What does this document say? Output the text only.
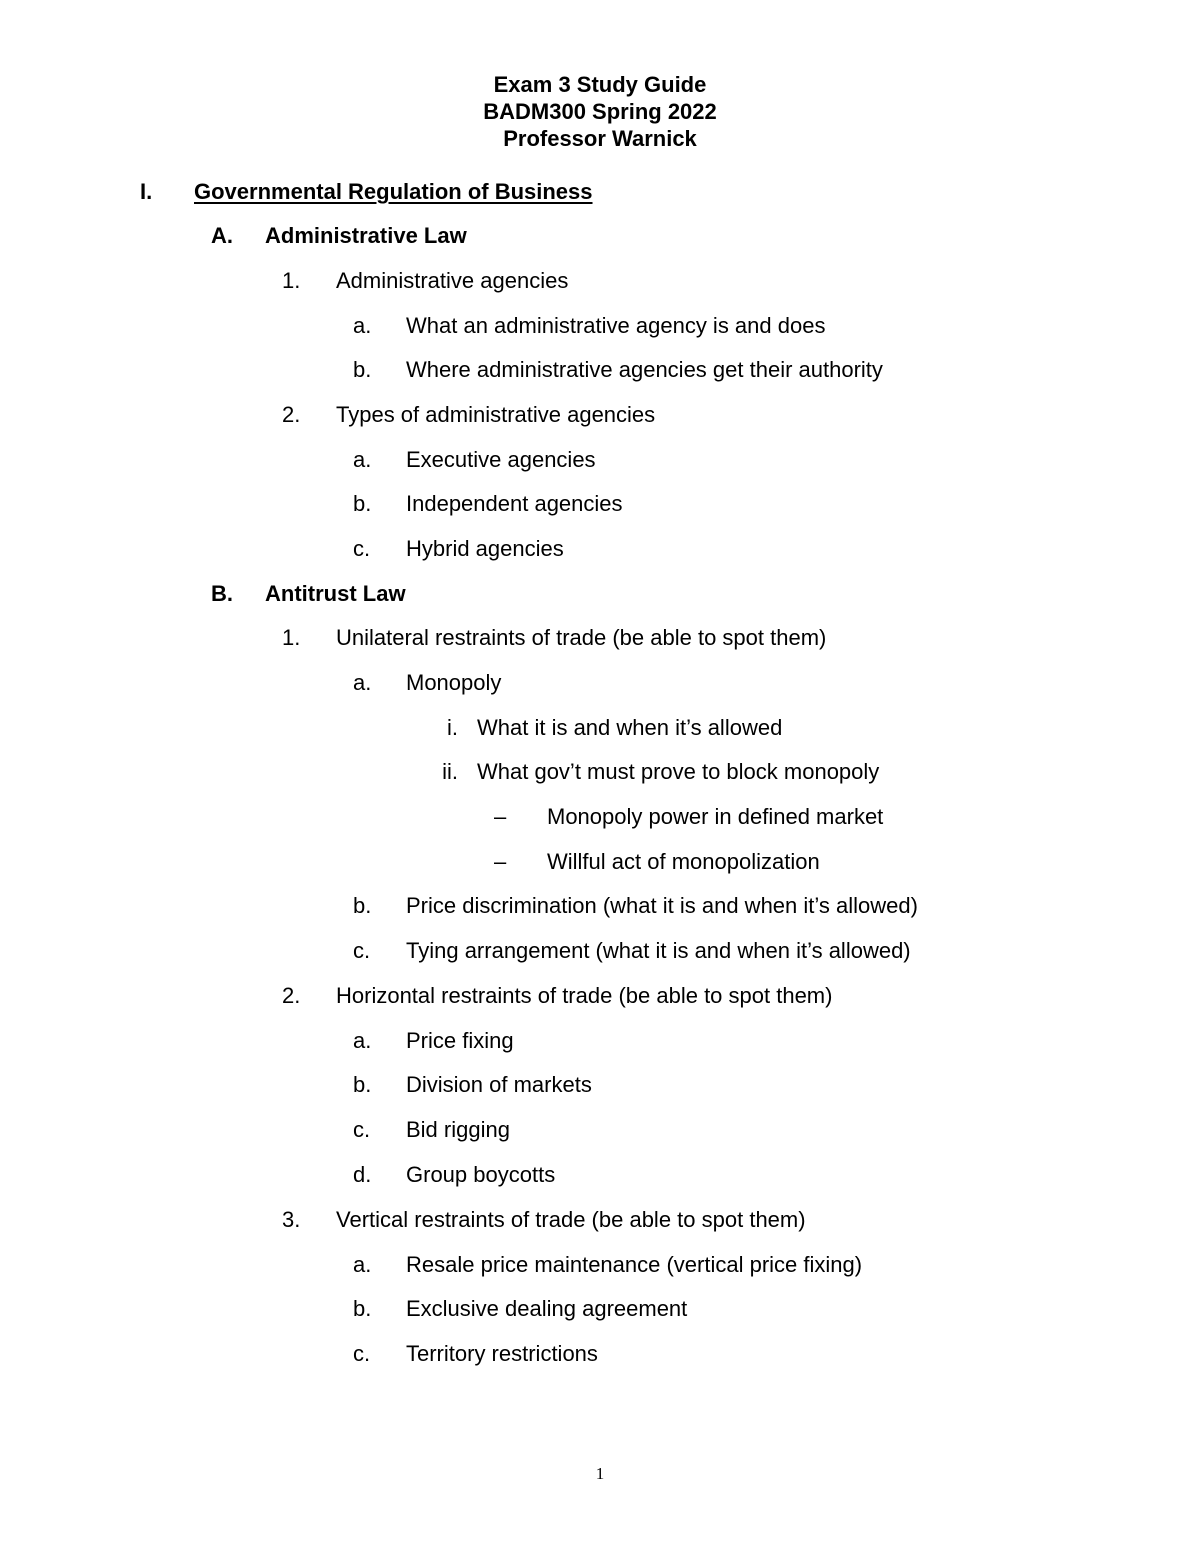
Exam 3 Study Guide
BADM300 Spring 2022
Professor Warnick
I. Governmental Regulation of Business
A. Administrative Law
1. Administrative agencies
a. What an administrative agency is and does
b. Where administrative agencies get their authority
2. Types of administrative agencies
a. Executive agencies
b. Independent agencies
c. Hybrid agencies
B. Antitrust Law
1. Unilateral restraints of trade (be able to spot them)
a. Monopoly
i. What it is and when it’s allowed
ii. What gov’t must prove to block monopoly
– Monopoly power in defined market
– Willful act of monopolization
b. Price discrimination (what it is and when it’s allowed)
c. Tying arrangement (what it is and when it’s allowed)
2. Horizontal restraints of trade (be able to spot them)
a. Price fixing
b. Division of markets
c. Bid rigging
d. Group boycotts
3. Vertical restraints of trade (be able to spot them)
a. Resale price maintenance (vertical price fixing)
b. Exclusive dealing agreement
c. Territory restrictions
1
